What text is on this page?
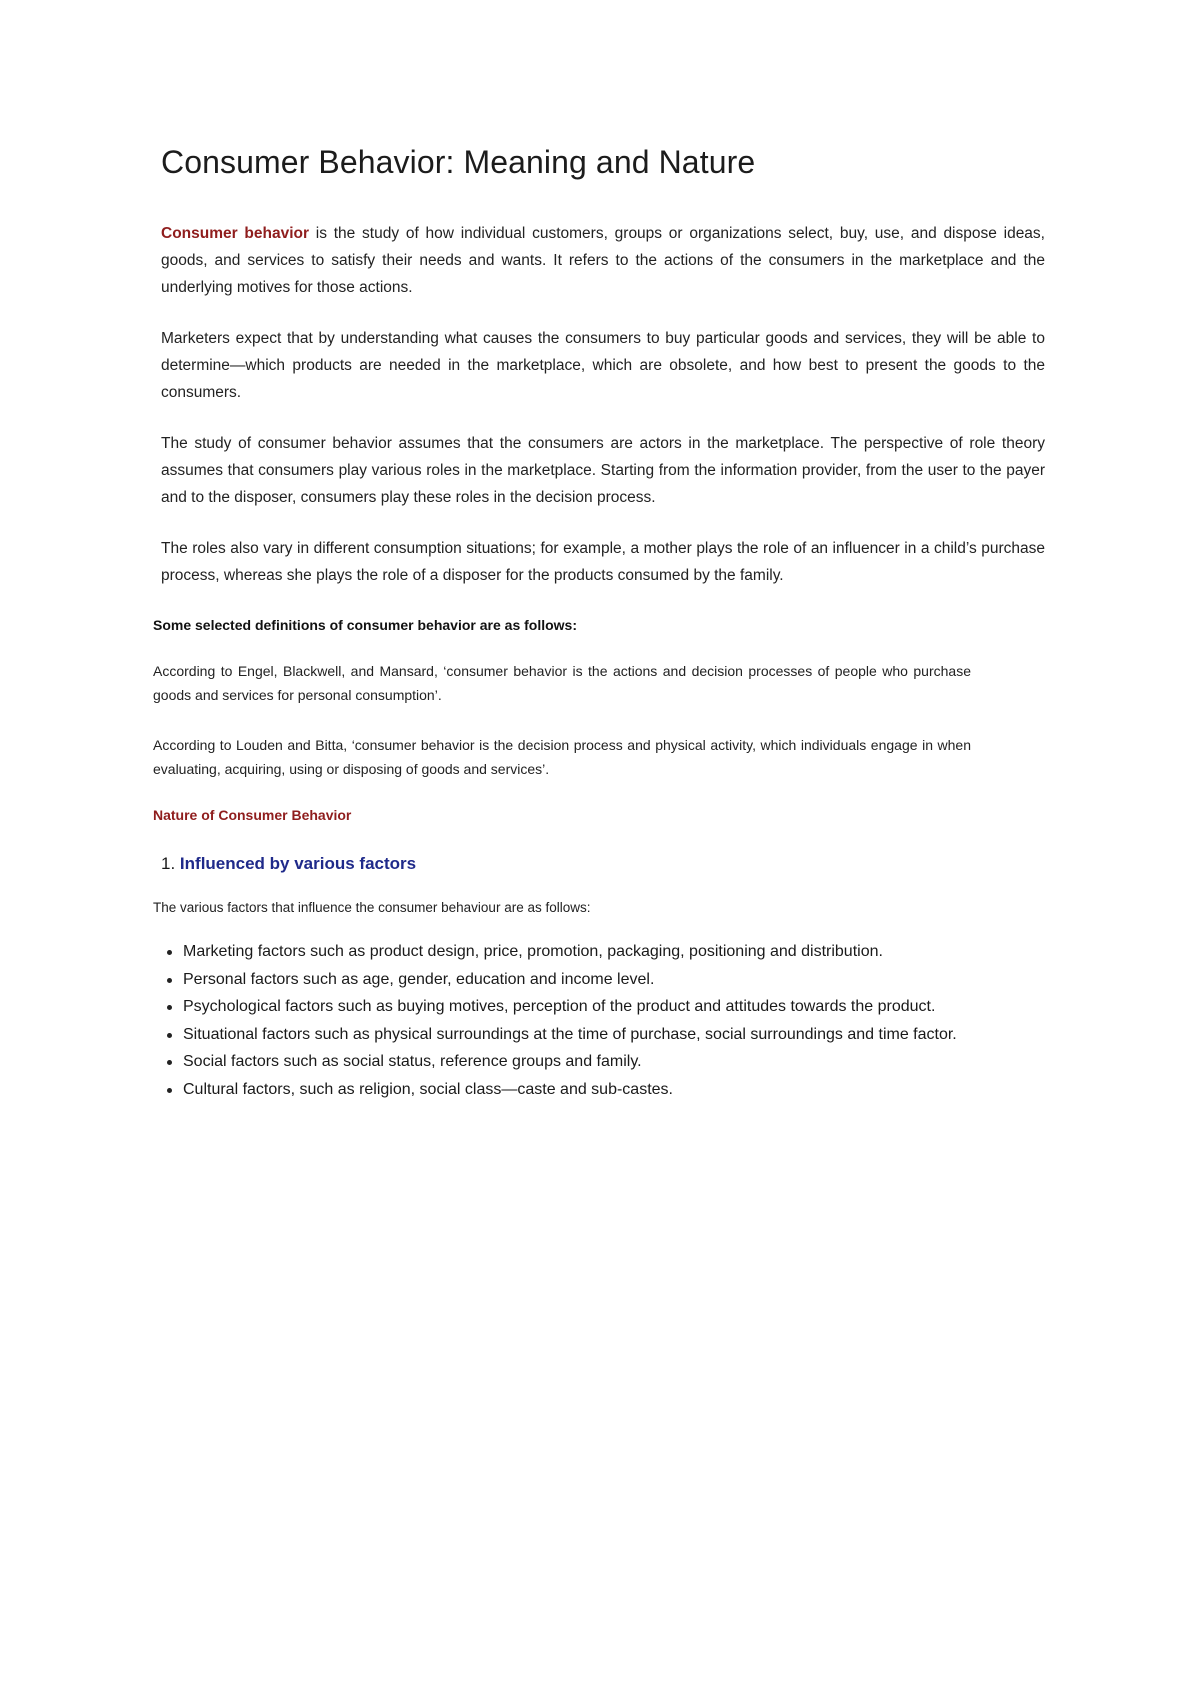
Consumer Behavior: Meaning and Nature

Consumer behavior is the study of how individual customers, groups or organizations select, buy, use, and dispose ideas, goods, and services to satisfy their needs and wants. It refers to the actions of the consumers in the marketplace and the underlying motives for those actions.

Marketers expect that by understanding what causes the consumers to buy particular goods and services, they will be able to determine—which products are needed in the marketplace, which are obsolete, and how best to present the goods to the consumers.

The study of consumer behavior assumes that the consumers are actors in the marketplace. The perspective of role theory assumes that consumers play various roles in the marketplace. Starting from the information provider, from the user to the payer and to the disposer, consumers play these roles in the decision process.

The roles also vary in different consumption situations; for example, a mother plays the role of an influencer in a child’s purchase process, whereas she plays the role of a disposer for the products consumed by the family.

Some selected definitions of consumer behavior are as follows:

According to Engel, Blackwell, and Mansard, ‘consumer behavior is the actions and decision processes of people who purchase goods and services for personal consumption’.

According to Louden and Bitta, ‘consumer behavior is the decision process and physical activity, which individuals engage in when evaluating, acquiring, using or disposing of goods and services’.

Nature of Consumer Behavior

1. Influenced by various factors

The various factors that influence the consumer behaviour are as follows:

Marketing factors such as product design, price, promotion, packaging, positioning and distribution.
Personal factors such as age, gender, education and income level.
Psychological factors such as buying motives, perception of the product and attitudes towards the product.
Situational factors such as physical surroundings at the time of purchase, social surroundings and time factor.
Social factors such as social status, reference groups and family.
Cultural factors, such as religion, social class—caste and sub-castes.
